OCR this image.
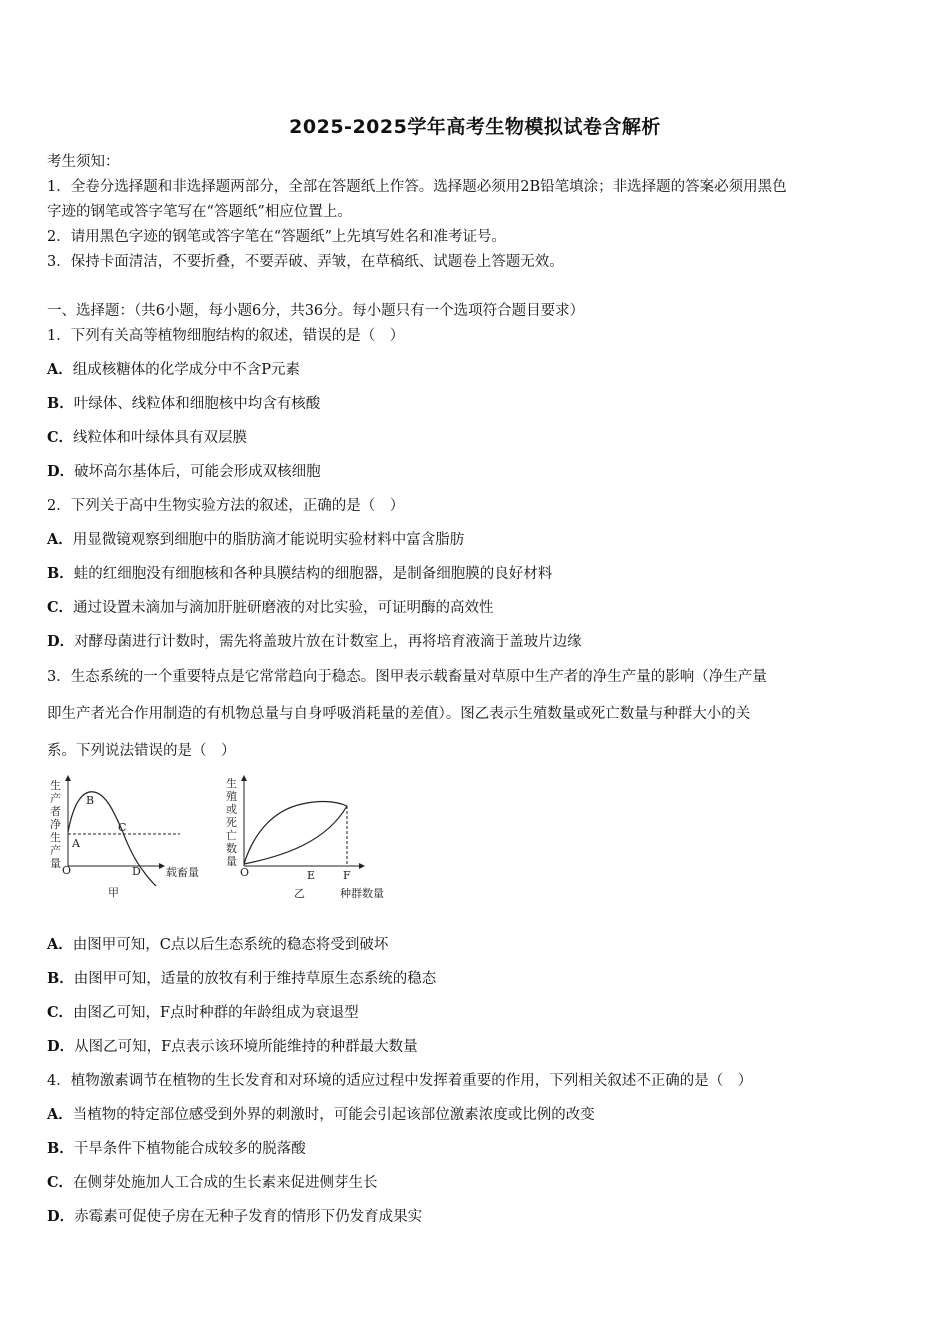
2025-2025学年高考生物模拟试卷含解析
考生须知：
1．全卷分选择题和非选择题两部分，全部在答题纸上作答。选择题必须用2B铅笔填涂；非选择题的答案必须用黑色
字迹的钢笔或答字笔写在“答题纸”相应位置上。
2．请用黑色字迹的钢笔或答字笔在“答题纸”上先填写姓名和准考证号。
3．保持卡面清洁，不要折叠，不要弄破、弄皱，在草稿纸、试题卷上答题无效。
一、选择题：（共6小题，每小题6分，共36分。每小题只有一个选项符合题目要求）
1．下列有关高等植物细胞结构的叙述，错误的是（　）
A．组成核糖体的化学成分中不含P元素
B．叶绿体、线粒体和细胞核中均含有核酸
C．线粒体和叶绿体具有双层膜
D．破坏高尔基体后，可能会形成双核细胞
2．下列关于高中生物实验方法的叙述，正确的是（　）
A．用显微镜观察到细胞中的脂肪滴才能说明实验材料中富含脂肪
B．蛙的红细胞没有细胞核和各种具膜结构的细胞器，是制备细胞膜的良好材料
C．通过设置未滴加与滴加肝脏研磨液的对比实验，可证明酶的高效性
D．对酵母菌进行计数时，需先将盖玻片放在计数室上，再将培育液滴于盖玻片边缘
3．生态系统的一个重要特点是它常常趋向于稳态。图甲表示载畜量对草原中生产者的净生产量的影响（净生产量
即生产者光合作用制造的有机物总量与自身呼吸消耗量的差值）。图乙表示生殖数量或死亡数量与种群大小的关
系。下列说法错误的是（　）
生
产
者
净
生
产
量
O
A
B
C
D 载畜量
甲
生
殖
或
死
亡
数
量
O	E	F
乙	种群数量
A．由图甲可知，C点以后生态系统的稳态将受到破坏
B．由图甲可知，适量的放牧有利于维持草原生态系统的稳态
C．由图乙可知，F点时种群的年龄组成为衰退型
D．从图乙可知，F点表示该环境所能维持的种群最大数量
4．植物激素调节在植物的生长发育和对环境的适应过程中发挥着重要的作用，下列相关叙述不正确的是（　）
A．当植物的特定部位感受到外界的刺激时，可能会引起该部位激素浓度或比例的改变
B．干旱条件下植物能合成较多的脱落酸
C．在侧芽处施加人工合成的生长素来促进侧芽生长
D．赤霉素可促使子房在无种子发育的情形下仍发育成果实
